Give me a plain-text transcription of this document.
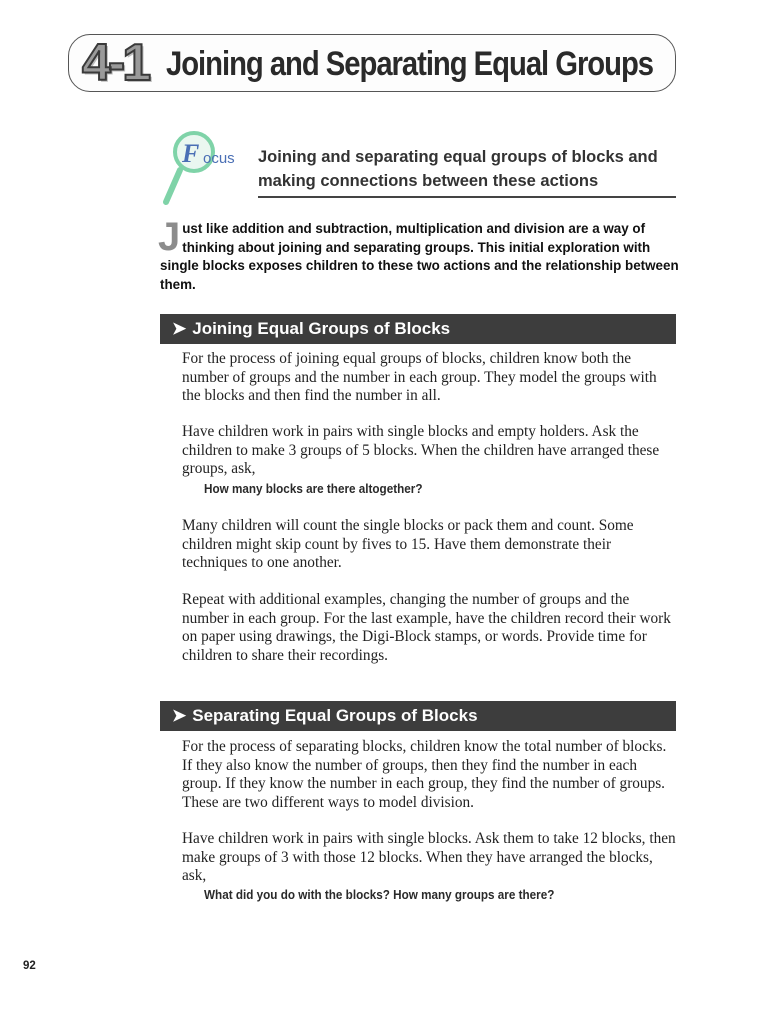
4-1 Joining and Separating Equal Groups
F ocus Joining and separating equal groups of blocks and making connections between these actions
Just like addition and subtraction, multiplication and division are a way of thinking about joining and separating groups. This initial exploration with single blocks exposes children to these two actions and the relationship between them.
➤ Joining Equal Groups of Blocks

For the process of joining equal groups of blocks, children know both the number of groups and the number in each group. They model the groups with the blocks and then find the number in all.

Have children work in pairs with single blocks and empty holders. Ask the children to make 3 groups of 5 blocks. When the children have arranged these groups, ask,

How many blocks are there altogether?

Many children will count the single blocks or pack them and count. Some children might skip count by fives to 15. Have them demonstrate their techniques to one another.

Repeat with additional examples, changing the number of groups and the number in each group. For the last example, have the children record their work on paper using drawings, the Digi-Block stamps, or words. Provide time for children to share their recordings.

➤ Separating Equal Groups of Blocks

For the process of separating blocks, children know the total number of blocks. If they also know the number of groups, then they find the number in each group. If they know the number in each group, they find the number of groups. These are two different ways to model division.

Have children work in pairs with single blocks. Ask them to take 12 blocks, then make groups of 3 with those 12 blocks. When they have arranged the blocks, ask,

What did you do with the blocks? How many groups are there?
92
